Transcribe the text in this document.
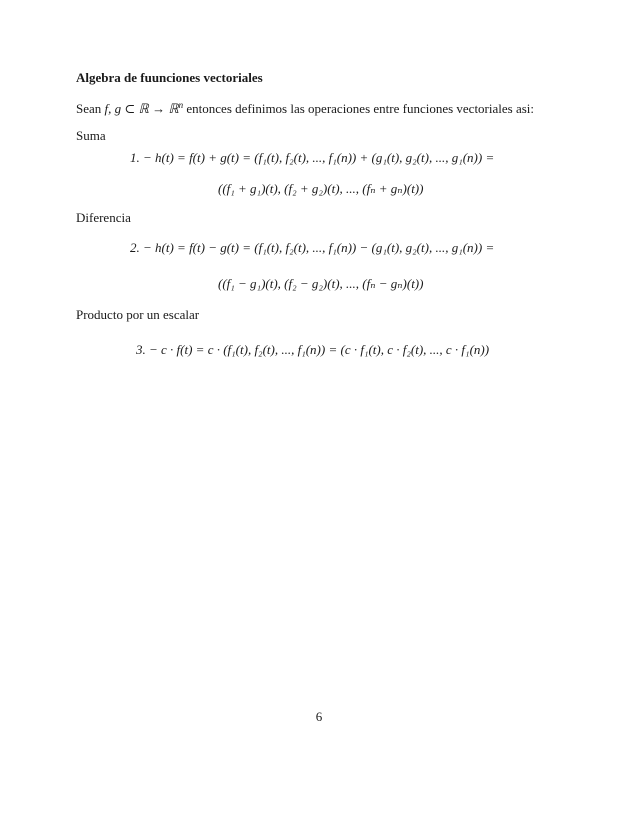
Algebra de fuunciones vectoriales
Sean f, g ⊂ ℝ → ℝ$^n$ entonces definimos las operaciones entre funciones vectoriales asi:
Suma
1. − h(t) = f(t) + g(t) = (f₁(t), f₂(t), ..., f₁(n)) + (g₁(t), g₂(t), ..., g₁(n)) =
((f₁ + g₁)(t), (f₂ + g₂)(t), ..., (fₙ + gₙ)(t))
Diferencia
2. − h(t) = f(t) − g(t) = (f₁(t), f₂(t), ..., f₁(n)) − (g₁(t), g₂(t), ..., g₁(n)) =
((f₁ − g₁)(t), (f₂ − g₂)(t), ..., (fₙ − gₙ)(t))
Producto por un escalar
3. − c · f(t) = c · (f₁(t), f₂(t), ..., f₁(n)) = (c · f₁(t), c · f₂(t), ..., c · f₁(n))
6
